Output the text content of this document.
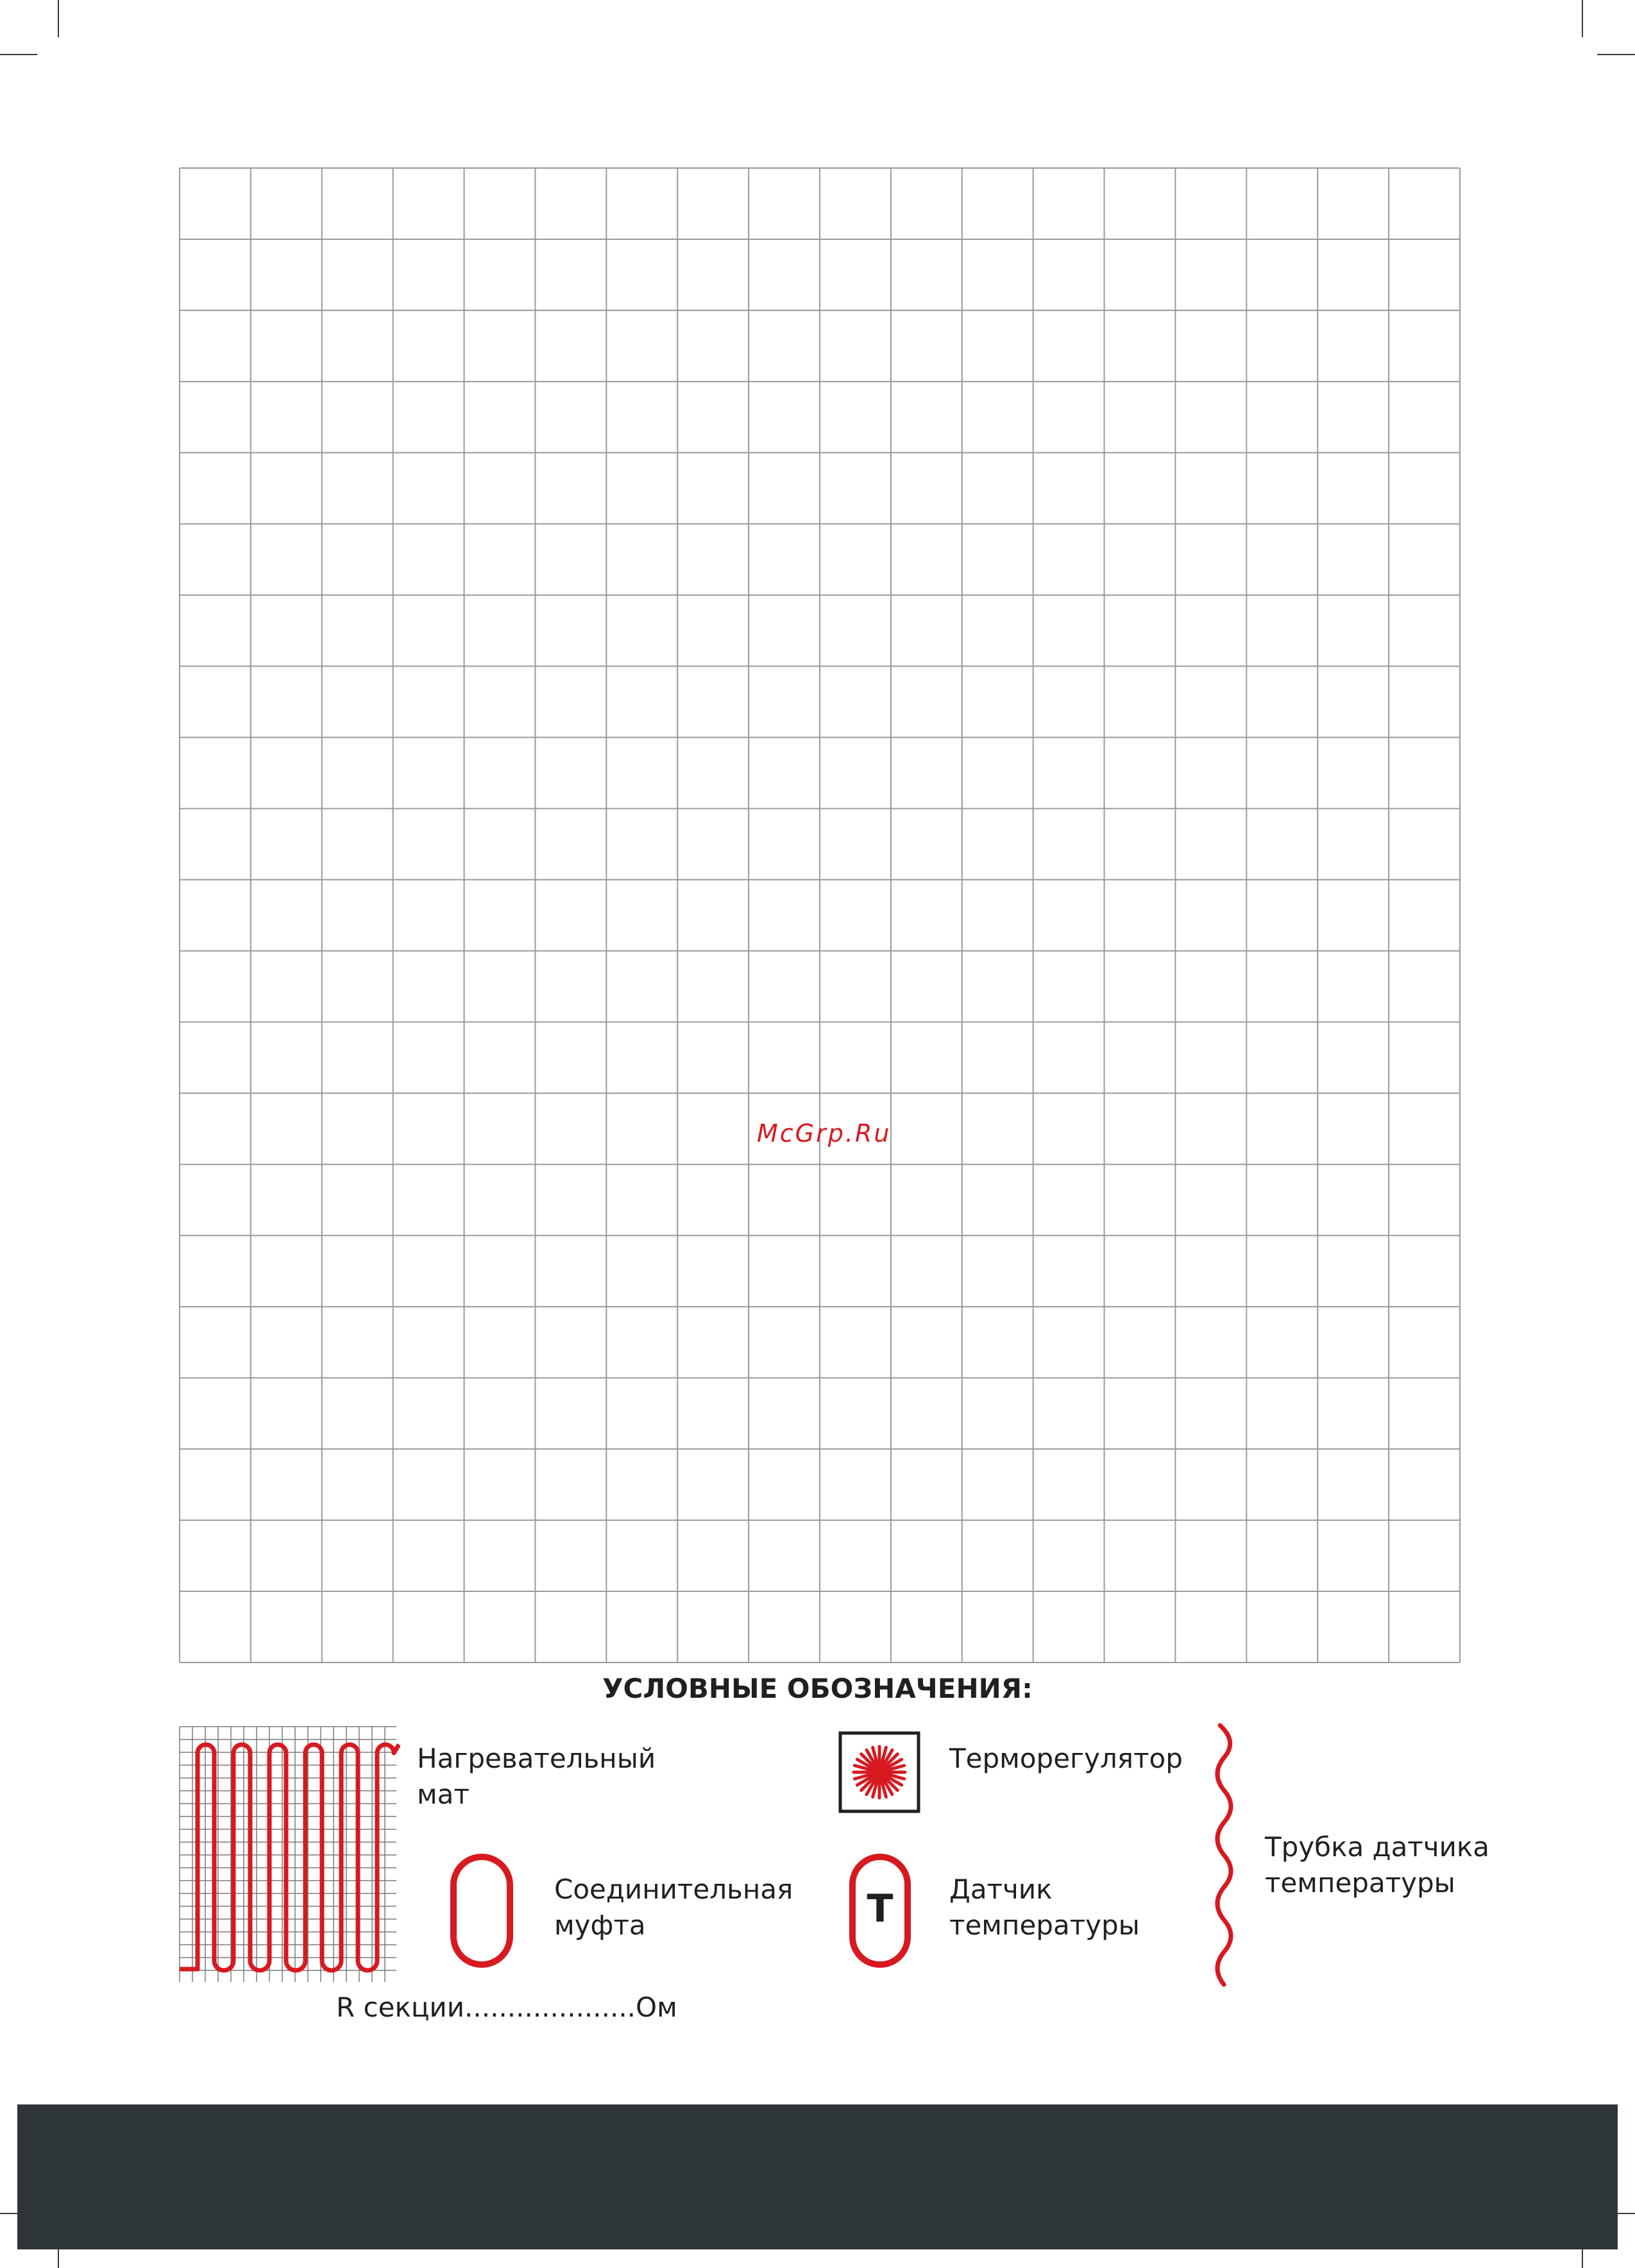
McGrp.Ru
УСЛОВНЫЕ ОБОЗНАЧЕНИЯ:
Нагревательный
мат
R секции....................Ом
Соединительная
муфта
Терморегулятор
T Датчик
температуры
Трубка датчика
температуры
